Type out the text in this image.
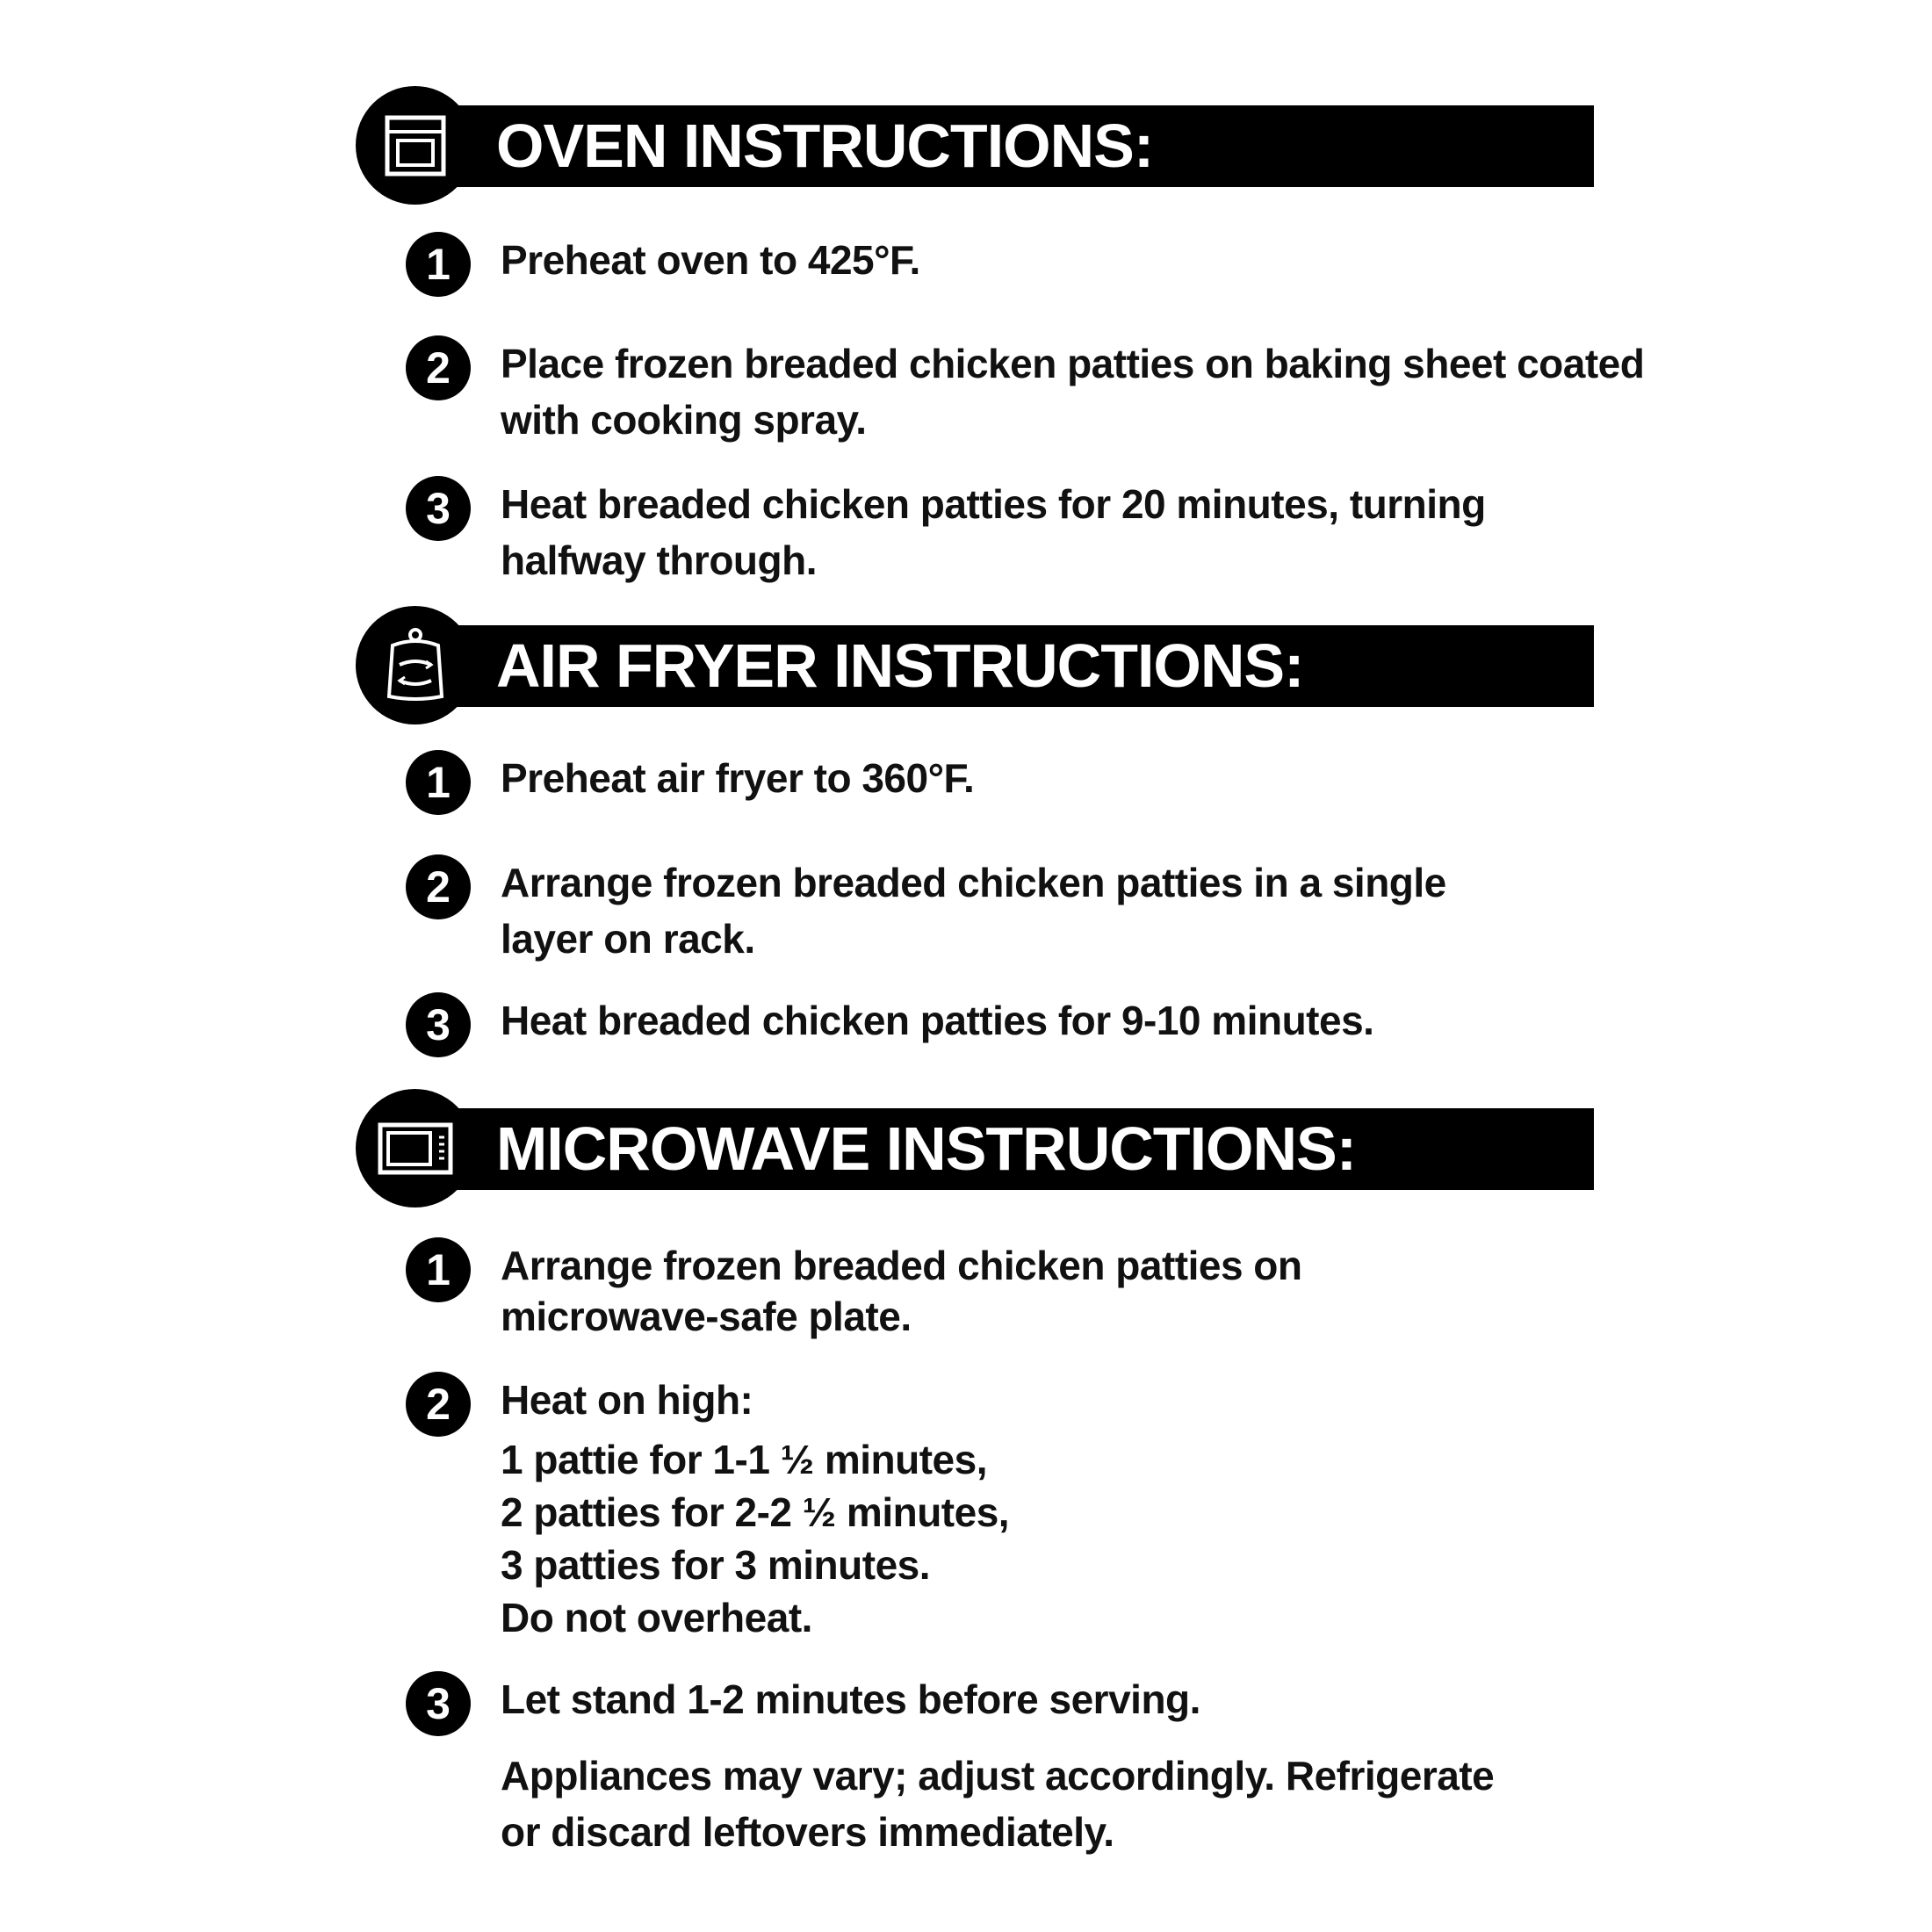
OVEN INSTRUCTIONS:
1	Preheat oven to 425°F.
2	Place frozen breaded chicken patties on baking sheet coated
with cooking spray.
3	Heat breaded chicken patties for 20 minutes, turning
halfway through.
AIR FRYER INSTRUCTIONS:
1	Preheat air fryer to 360°F.
2	Arrange frozen breaded chicken patties in a single
layer on rack.
3	Heat breaded chicken patties for 9-10 minutes.
MICROWAVE INSTRUCTIONS:
1	Arrange frozen breaded chicken patties on
microwave-safe plate.
2	Heat on high:
1 pattie for 1-1 ½ minutes,
2 patties for 2-2 ½ minutes,
3 patties for 3 minutes.
Do not overheat.
3	Let stand 1-2 minutes before serving.
Appliances may vary; adjust accordingly. Refrigerate
or discard leftovers immediately.
